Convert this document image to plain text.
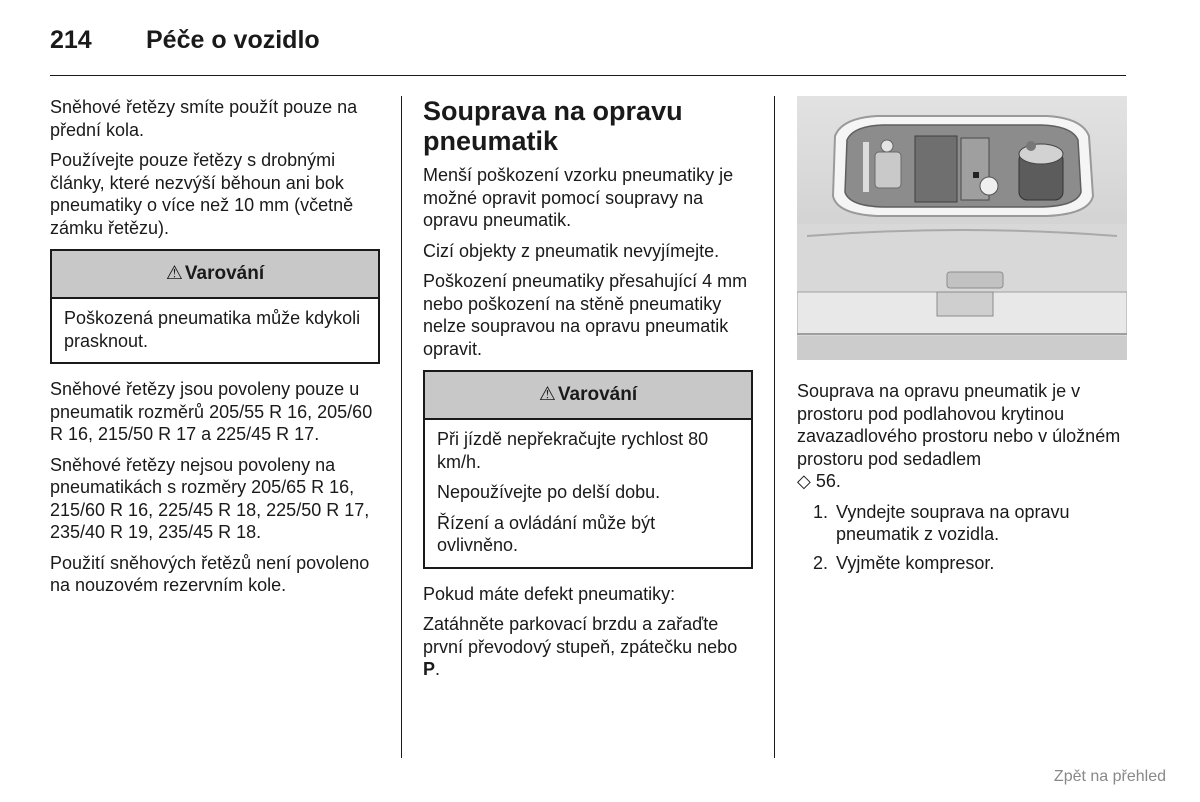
214 Péče o vozidlo

Sněhové řetězy smíte použít pouze na přední kola.

Používejte pouze řetězy s drobnými články, které nezvýší běhoun ani bok pneumatiky o více než 10 mm (včetně zámku řetězu).

⚠ Varování

Poškozená pneumatika může kdykoli prasknout.

Sněhové řetězy jsou povoleny pouze u pneumatik rozměrů 205/55 R 16, 205/60 R 16, 215/50 R 17 a 225/45 R 17.

Sněhové řetězy nejsou povoleny na pneumatikách s rozměry 205/65 R 16, 215/60 R 16, 225/45 R 18, 225/50 R 17, 235/40 R 19, 235/45 R 18.

Použití sněhových řetězů není povoleno na nouzovém rezervním kole.

Souprava na opravu pneumatik

Menší poškození vzorku pneumatiky je možné opravit pomocí soupravy na opravu pneumatik.

Cizí objekty z pneumatik nevyjímejte.

Poškození pneumatiky přesahující 4 mm nebo poškození na stěně pneumatiky nelze soupravou na opravu pneumatik opravit.

⚠ Varování

Při jízdě nepřekračujte rychlost 80 km/h.

Nepoužívejte po delší dobu.

Řízení a ovládání může být ovlivněno.

Pokud máte defekt pneumatiky:

Zatáhněte parkovací brzdu a zařaďte první převodový stupeň, zpátečku nebo P.

Souprava na opravu pneumatik je v prostoru pod podlahovou krytinou zavazadlového prostoru nebo v úložném prostoru pod sedadlem
◇ 56.

1. Vyndejte souprava na opravu pneumatik z vozidla.
2. Vyjměte kompresor.
Zpět na přehled
